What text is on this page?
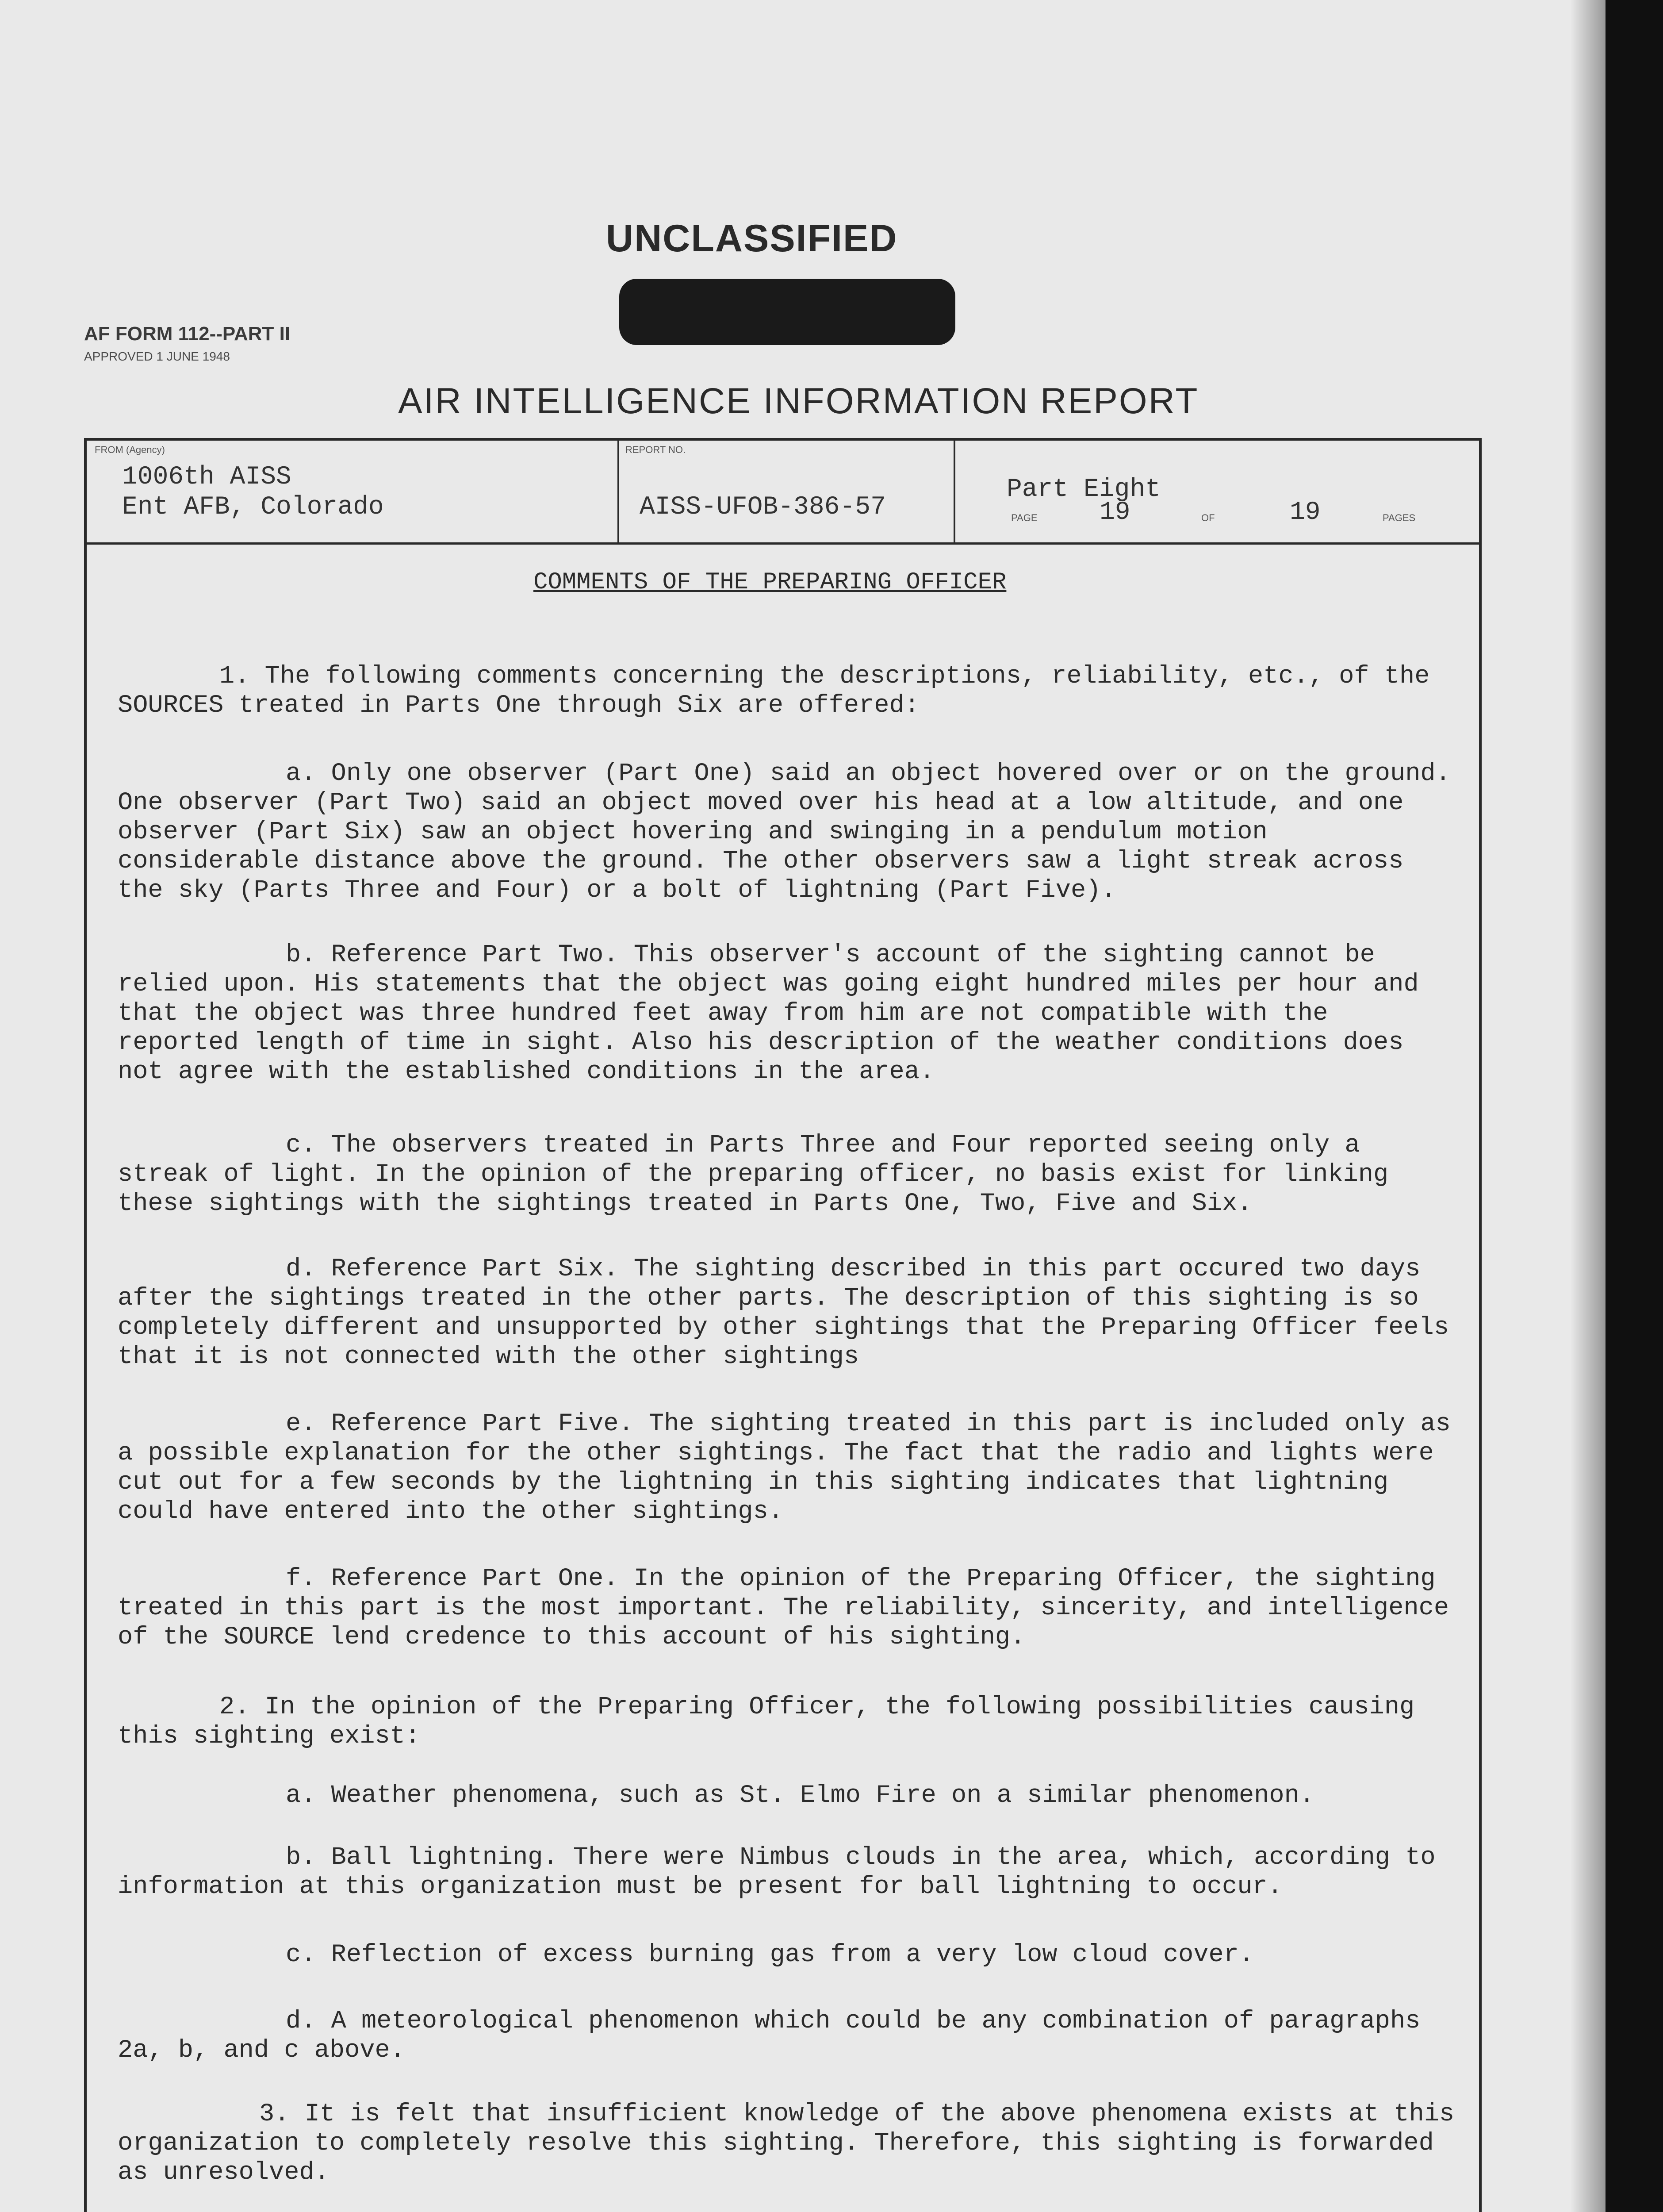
UNCLASSIFIED
AF FORM 112--PART II
APPROVED 1 JUNE 1948
AIR INTELLIGENCE INFORMATION REPORT
FROM (Agency)
1006th AISS
Ent AFB, Colorado
REPORT NO.
AISS-UFOB-386-57
Part Eight
PAGE 19	OF	19	PAGES
COMMENTS OF THE PREPARING OFFICER
1. The following comments concerning the descriptions, reliability, etc., of the SOURCES treated in Parts One through Six are offered:
a. Only one observer (Part One) said an object hovered over or on the ground. One observer (Part Two) said an object moved over his head at a low altitude, and one observer (Part Six) saw an object hovering and swinging in a pendulum motion considerable distance above the ground. The other observers saw a light streak across the sky (Parts Three and Four) or a bolt of lightning (Part Five).
b. Reference Part Two. This observer's account of the sighting cannot be relied upon. His statements that the object was going eight hundred miles per hour and that the object was three hundred feet away from him are not compatible with the reported length of time in sight. Also his description of the weather conditions does not agree with the established conditions in the area.
c. The observers treated in Parts Three and Four reported seeing only a streak of light. In the opinion of the preparing officer, no basis exist for linking these sightings with the sightings treated in Parts One, Two, Five and Six.
d. Reference Part Six. The sighting described in this part occured two days after the sightings treated in the other parts. The description of this sighting is so completely different and unsupported by other sightings that the Preparing Officer feels that it is not connected with the other sightings
e. Reference Part Five. The sighting treated in this part is included only as a possible explanation for the other sightings. The fact that the radio and lights were cut out for a few seconds by the lightning in this sighting indicates that lightning could have entered into the other sightings.
f. Reference Part One. In the opinion of the Preparing Officer, the sighting treated in this part is the most important. The reliability, sincerity, and intelligence of the SOURCE lend credence to this account of his sighting.
2. In the opinion of the Preparing Officer, the following possibilities causing this sighting exist:
a. Weather phenomena, such as St. Elmo Fire on a similar phenomenon.
b. Ball lightning. There were Nimbus clouds in the area, which, according to information at this organization must be present for ball lightning to occur.
c. Reflection of excess burning gas from a very low cloud cover.
d. A meteorological phenomenon which could be any combination of paragraphs 2a, b, and c above.
3. It is felt that insufficient knowledge of the above phenomena exists at this organization to completely resolve this sighting. Therefore, this sighting is forwarded as unresolved.
